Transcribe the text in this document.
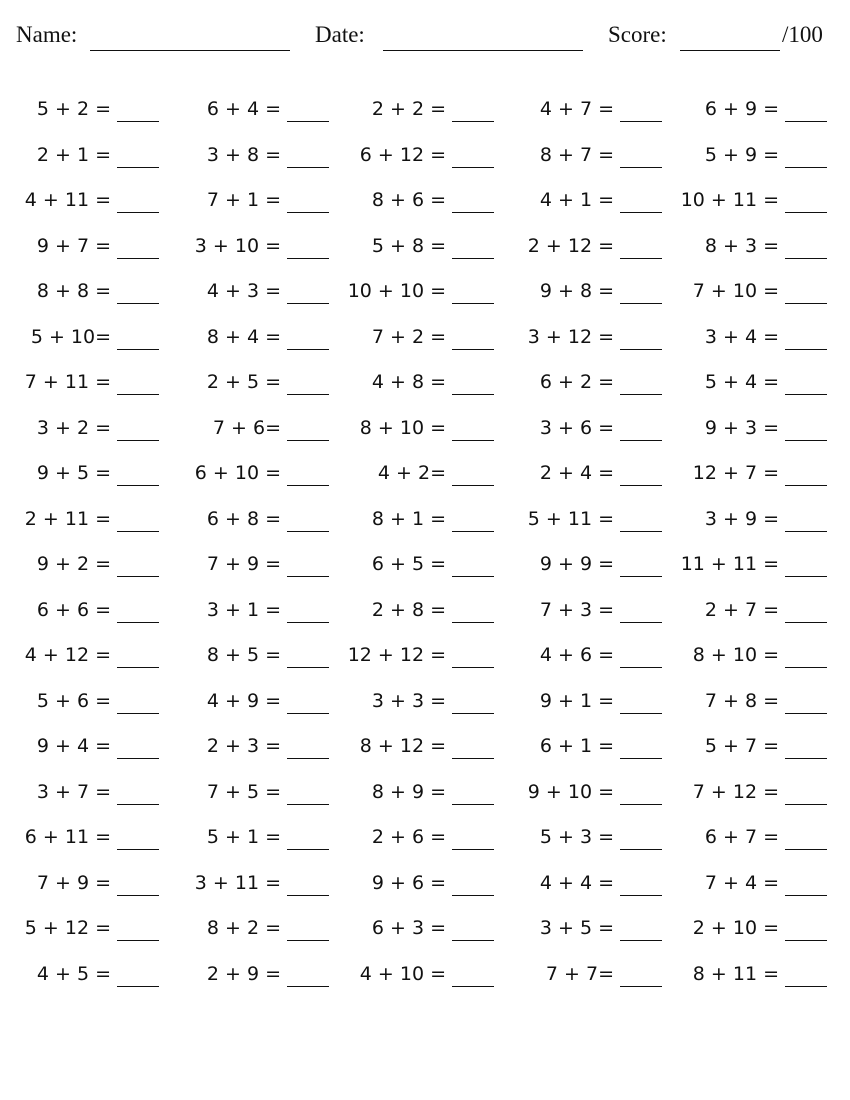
Name:	Date:	Score:	/100
5 + 2 =	6 + 4 =	2 + 2 =	4 + 7 =	6 + 9 =
2 + 1 =	3 + 8 =	6 + 12 =	8 + 7 =	5 + 9 =
4 + 11 =	7 + 1 =	8 + 6 =	4 + 1 =	10 + 11 =
9 + 7 =	3 + 10 =	5 + 8 =	2 + 12 =	8 + 3 =
8 + 8 =	4 + 3 =	10 + 10 =	9 + 8 =	7 + 10 =
5 + 10=	8 + 4 =	7 + 2 =	3 + 12 =	3 + 4 =
7 + 11 =	2 + 5 =	4 + 8 =	6 + 2 =	5 + 4 =
3 + 2 =	7 + 6=	8 + 10 =	3 + 6 =	9 + 3 =
9 + 5 =	6 + 10 =	4 + 2=	2 + 4 =	12 + 7 =
2 + 11 =	6 + 8 =	8 + 1 =	5 + 11 =	3 + 9 =
9 + 2 =	7 + 9 =	6 + 5 =	9 + 9 =	11 + 11 =
6 + 6 =	3 + 1 =	2 + 8 =	7 + 3 =	2 + 7 =
4 + 12 =	8 + 5 =	12 + 12 =	4 + 6 =	8 + 10 =
5 + 6 =	4 + 9 =	3 + 3 =	9 + 1 =	7 + 8 =
9 + 4 =	2 + 3 =	8 + 12 =	6 + 1 =	5 + 7 =
3 + 7 =	7 + 5 =	8 + 9 =	9 + 10 =	7 + 12 =
6 + 11 =	5 + 1 =	2 + 6 =	5 + 3 =	6 + 7 =
7 + 9 =	3 + 11 =	9 + 6 =	4 + 4 =	7 + 4 =
5 + 12 =	8 + 2 =	6 + 3 =	3 + 5 =	2 + 10 =
4 + 5 =	2 + 9 =	4 + 10 =	7 + 7=	8 + 11 =
